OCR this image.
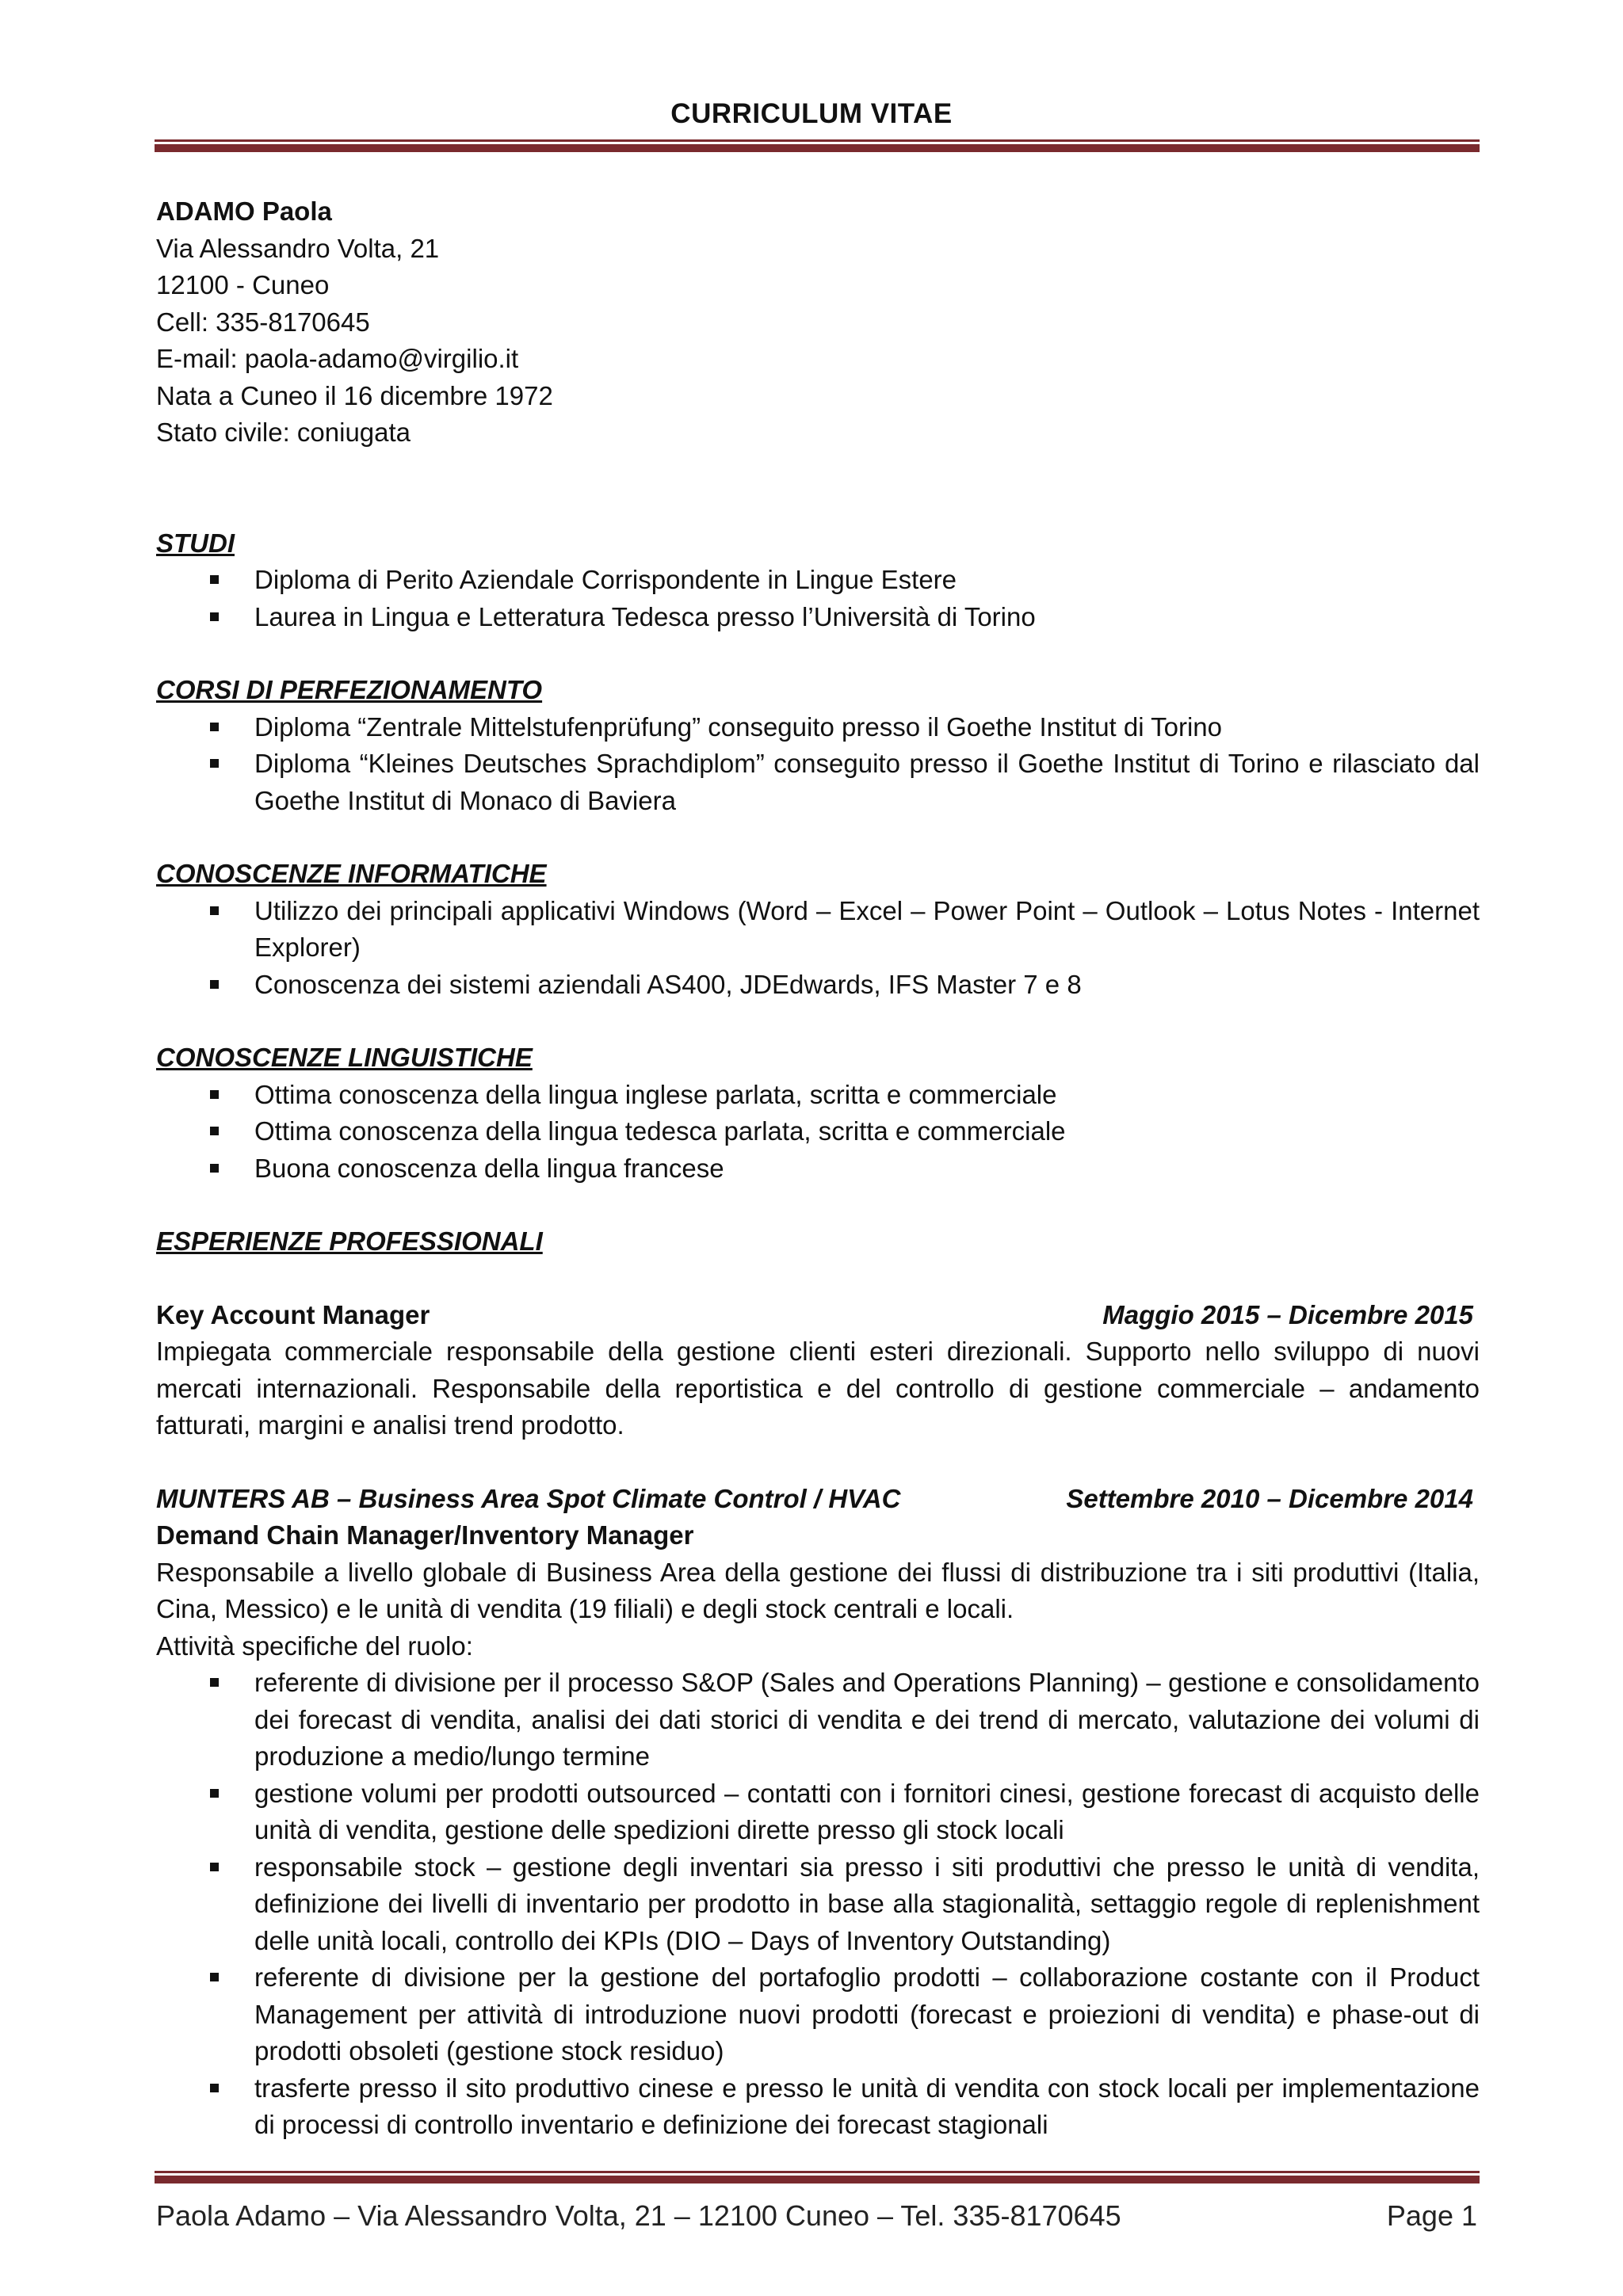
CURRICULUM VITAE
ADAMO Paola
Via Alessandro Volta, 21
12100 - Cuneo
Cell: 335-8170645
E-mail: paola-adamo@virgilio.it
Nata a Cuneo il 16 dicembre 1972
Stato civile: coniugata
STUDI
Diploma di Perito Aziendale Corrispondente in Lingue Estere
Laurea in Lingua e Letteratura Tedesca presso l’Università di Torino
CORSI DI PERFEZIONAMENTO
Diploma “Zentrale Mittelstufenprüfung” conseguito presso il Goethe Institut di Torino
Diploma “Kleines Deutsches Sprachdiplom” conseguito presso il Goethe Institut di Torino e rilasciato dal Goethe Institut di Monaco di Baviera
CONOSCENZE INFORMATICHE
Utilizzo dei principali applicativi Windows (Word – Excel – Power Point – Outlook – Lotus Notes - Internet Explorer)
Conoscenza dei sistemi aziendali AS400, JDEdwards, IFS Master 7 e 8
CONOSCENZE LINGUISTICHE
Ottima conoscenza della lingua inglese parlata, scritta e commerciale
Ottima conoscenza della lingua tedesca parlata, scritta e commerciale
Buona conoscenza della lingua francese
ESPERIENZE PROFESSIONALI
Key Account Manager	Maggio 2015 – Dicembre 2015
Impiegata commerciale responsabile della gestione clienti esteri direzionali. Supporto nello sviluppo di nuovi mercati internazionali. Responsabile della reportistica e del controllo di gestione commerciale – andamento fatturati, margini e analisi trend prodotto.
MUNTERS AB – Business Area Spot Climate Control / HVAC	Settembre 2010 – Dicembre 2014
Demand Chain Manager/Inventory Manager
Responsabile a livello globale di Business Area della gestione dei flussi di distribuzione tra i siti produttivi (Italia, Cina, Messico) e le unità di vendita (19 filiali) e degli stock centrali e locali.
Attività specifiche del ruolo:
referente di divisione per il processo S&OP (Sales and Operations Planning) – gestione e consolidamento dei forecast di vendita, analisi dei dati storici di vendita e dei trend di mercato, valutazione dei volumi di produzione a medio/lungo termine
gestione volumi per prodotti outsourced – contatti con i fornitori cinesi, gestione forecast di acquisto delle unità di vendita, gestione delle spedizioni dirette presso gli stock locali
responsabile stock – gestione degli inventari sia presso i siti produttivi che presso le unità di vendita, definizione dei livelli di inventario per prodotto in base alla stagionalità, settaggio regole di replenishment delle unità locali, controllo dei KPIs (DIO – Days of Inventory Outstanding)
referente di divisione per la gestione del portafoglio prodotti – collaborazione costante con il Product Management per attività di introduzione nuovi prodotti (forecast e proiezioni di vendita) e phase-out di prodotti obsoleti (gestione stock residuo)
trasferte presso il sito produttivo cinese e presso le unità di vendita con stock locali per implementazione di processi di controllo inventario e definizione dei forecast stagionali
Paola Adamo – Via Alessandro Volta, 21 – 12100 Cuneo – Tel. 335-8170645	Page 1
